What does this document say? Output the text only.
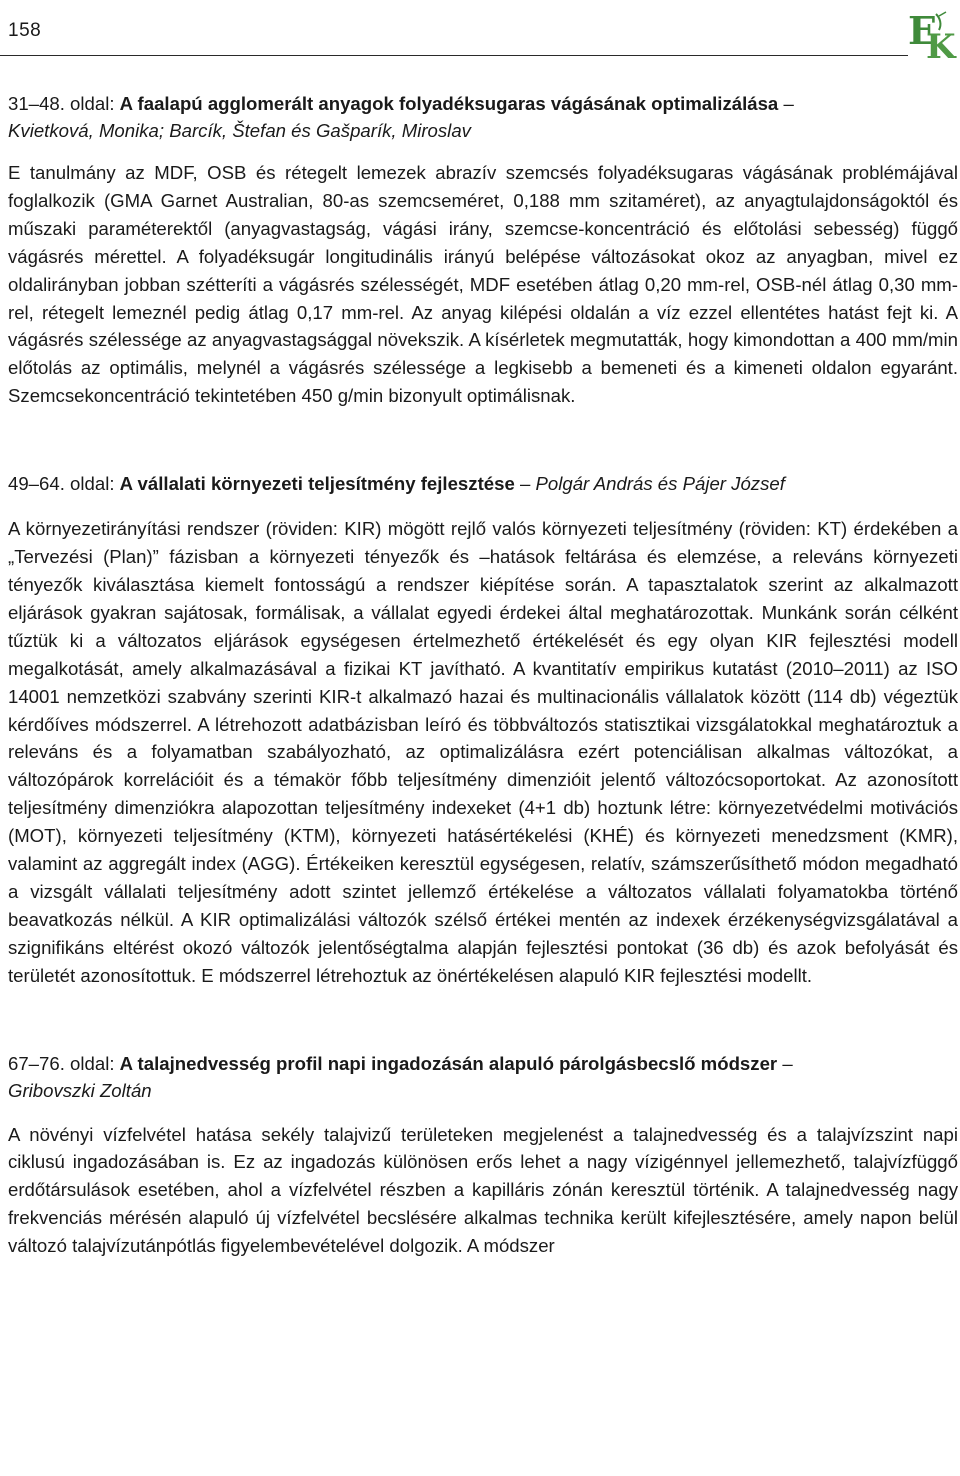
158	E
K

31–48. oldal: A faalapú agglomerált anyagok folyadéksugaras vágásának optimalizálása –

Kvietková, Monika; Barcík, Štefan és Gašparík, Miroslav

E tanulmány az MDF, OSB és rétegelt lemezek abrazív szemcsés folyadéksugaras vágásának problémájával foglalkozik (GMA Garnet Australian, 80-as szemcseméret, 0,188 mm szitaméret), az anyagtulajdonságoktól és műszaki paraméterektől (anyagvastagság, vágási irány, szemcse-koncentráció és előtolási sebesség) függő vágásrés mérettel. A folyadéksugár longitudinális irányú belépése változásokat okoz az anyagban, mivel ez oldalirányban jobban szétteríti a vágásrés szélességét, MDF esetében átlag 0,20 mm-rel, OSB-nél átlag 0,30 mm-rel, rétegelt lemeznél pedig átlag 0,17 mm-rel. Az anyag kilépési oldalán a víz ezzel ellentétes hatást fejt ki. A vágásrés szélessége az anyagvastagsággal növekszik. A kísérletek megmutatták, hogy kimondottan a 400 mm/min előtolás az optimális, melynél a vágásrés szélessége a legkisebb a bemeneti és a kimeneti oldalon egyaránt. Szemcsekoncentráció tekintetében 450 g/min bizonyult optimálisnak.

49–64. oldal: A vállalati környezeti teljesítmény fejlesztése – Polgár András és Pájer József

A környezetirányítási rendszer (röviden: KIR) mögött rejlő valós környezeti teljesítmény (röviden: KT) érdekében a „Tervezési (Plan)” fázisban a környezeti tényezők és –hatások feltárása és elemzése, a releváns környezeti tényezők kiválasztása kiemelt fontosságú a rendszer kiépítése során. A tapasztalatok szerint az alkalmazott eljárások gyakran sajátosak, formálisak, a vállalat egyedi érdekei által meghatározottak. Munkánk során célként tűztük ki a változatos eljárások egységesen értelmezhető értékelését és egy olyan KIR fejlesztési modell megalkotását, amely alkalmazásával a fizikai KT javítható. A kvantitatív empirikus kutatást (2010–2011) az ISO 14001 nemzetközi szabvány szerinti KIR-t alkalmazó hazai és multinacionális vállalatok között (114 db) végeztük kérdőíves módszerrel. A létrehozott adatbázisban leíró és többváltozós statisztikai vizsgálatokkal meghatároztuk a releváns és a folyamatban szabályozható, az optimalizálásra ezért potenciálisan alkalmas változókat, a változópárok korrelációit és a témakör főbb teljesítmény dimenzióit jelentő változócsoportokat. Az azonosított teljesítmény dimenziókra alapozottan teljesítmény indexeket (4+1 db) hoztunk létre: környezetvédelmi motivációs (MOT), környezeti teljesítmény (KTM), környezeti hatásértékelési (KHÉ) és környezeti menedzsment (KMR), valamint az aggregált index (AGG). Értékeiken keresztül egységesen, relatív, számszerűsíthető módon megadható a vizsgált vállalati teljesítmény adott szintet jellemző értékelése a változatos vállalati folyamatokba történő beavatkozás nélkül. A KIR optimalizálási változók szélső értékei mentén az indexek érzékenységvizsgálatával a szignifikáns eltérést okozó változók jelentőségtalma alapján fejlesztési pontokat (36 db) és azok befolyását és területét azonosítottuk. E módszerrel létrehoztuk az önértékelésen alapuló KIR fejlesztési modellt.

67–76. oldal: A talajnedvesség profil napi ingadozásán alapuló párolgásbecslő módszer –

Gribovszki Zoltán

A növényi vízfelvétel hatása sekély talajvizű területeken megjelenést a talajnedvesség és a talajvízszint napi ciklusú ingadozásában is. Ez az ingadozás különösen erős lehet a nagy vízigénnyel jellemezhető, talajvízfüggő erdőtársulások esetében, ahol a vízfelvétel részben a kapilláris zónán keresztül történik. A talajnedvesség nagy frekvenciás mérésén alapuló új vízfelvétel becslésére alkalmas technika került kifejlesztésére, amely napon belül változó talajvízutánpótlás figyelembevételével dolgozik. A módszer
